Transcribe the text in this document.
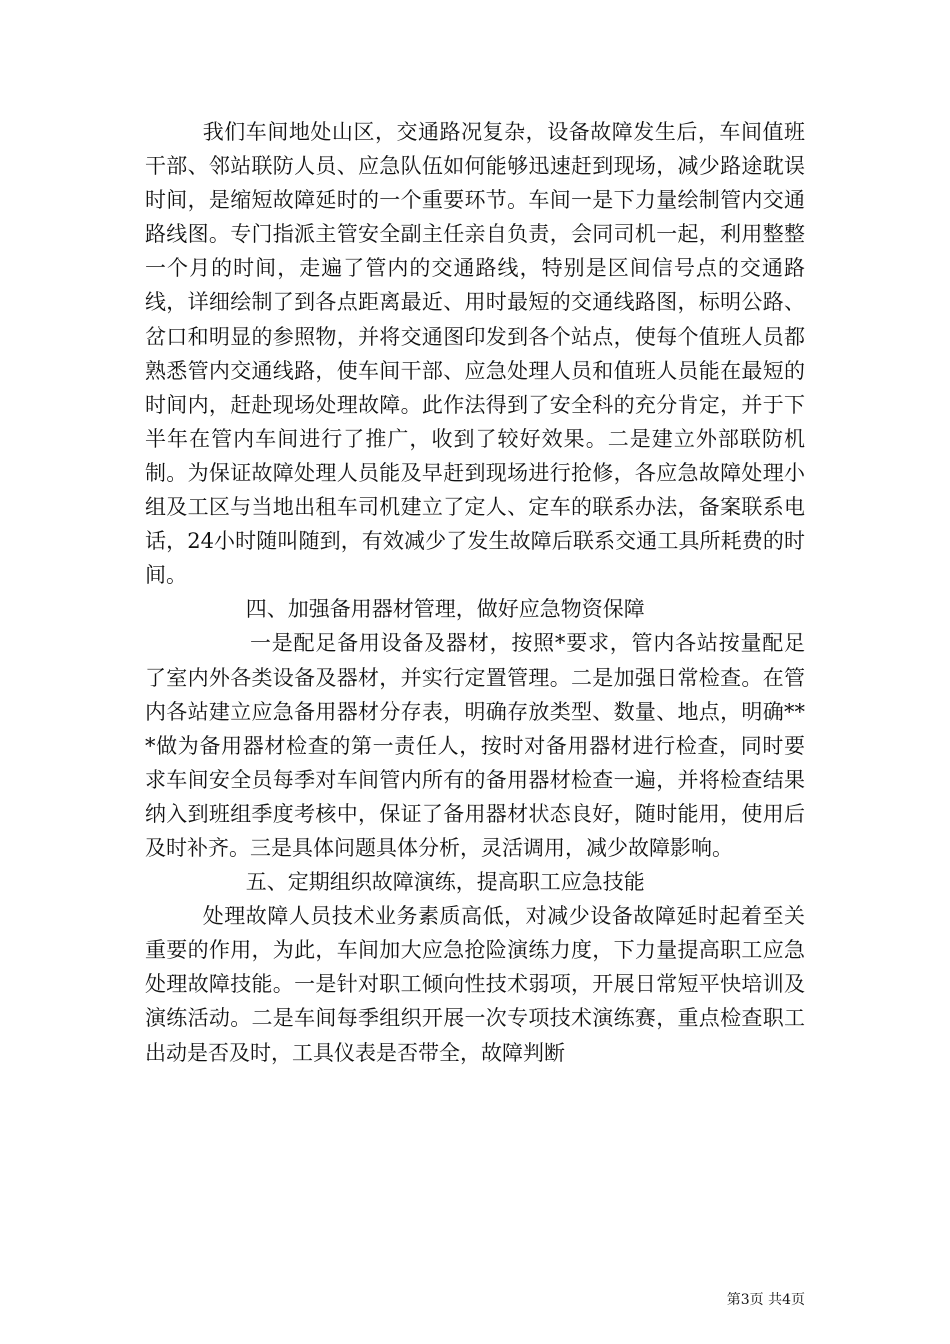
我们车间地处山区，交通路况复杂，设备故障发生后，车间值班干部、邻站联防人员、应急队伍如何能够迅速赶到现场，减少路途耽误时间，是缩短故障延时的一个重要环节。车间一是下力量绘制管内交通路线图。专门指派主管安全副主任亲自负责，会同司机一起，利用整整一个月的时间，走遍了管内的交通路线，特别是区间信号点的交通路线，详细绘制了到各点距离最近、用时最短的交通线路图，标明公路、岔口和明显的参照物，并将交通图印发到各个站点，使每个值班人员都熟悉管内交通线路，使车间干部、应急处理人员和值班人员能在最短的时间内，赶赴现场处理故障。此作法得到了安全科的充分肯定，并于下半年在管内车间进行了推广，收到了较好效果。二是建立外部联防机制。为保证故障处理人员能及早赶到现场进行抢修，各应急故障处理小组及工区与当地出租车司机建立了定人、定车的联系办法，备案联系电话，24小时随叫随到，有效减少了发生故障后联系交通工具所耗费的时间。

四、加强备用器材管理，做好应急物资保障

一是配足备用设备及器材，按照*要求，管内各站按量配足了室内外各类设备及器材，并实行定置管理。二是加强日常检查。在管内各站建立应急备用器材分存表，明确存放类型、数量、地点，明确***做为备用器材检查的第一责任人，按时对备用器材进行检查，同时要求车间安全员每季对车间管内所有的备用器材检查一遍，并将检查结果纳入到班组季度考核中，保证了备用器材状态良好，随时能用，使用后及时补齐。三是具体问题具体分析，灵活调用，减少故障影响。

五、定期组织故障演练，提高职工应急技能

处理故障人员技术业务素质高低，对减少设备故障延时起着至关重要的作用，为此，车间加大应急抢险演练力度，下力量提高职工应急处理故障技能。一是针对职工倾向性技术弱项，开展日常短平快培训及演练活动。二是车间每季组织开展一次专项技术演练赛，重点检查职工出动是否及时，工具仪表是否带全，故障判断

第3页 共4页
